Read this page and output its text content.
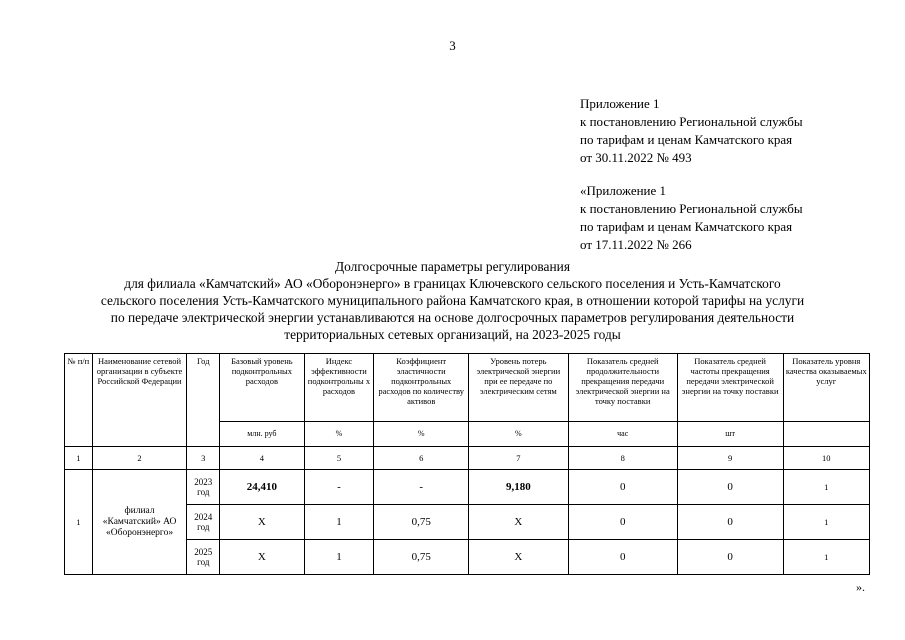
3
Приложение 1
к постановлению Региональной службы
по тарифам и ценам Камчатского края
от 30.11.2022 № 493
«Приложение 1
к постановлению Региональной службы
по тарифам и ценам Камчатского края
от 17.11.2022 № 266
Долгосрочные параметры регулирования
для филиала «Камчатский» АО «Оборонэнерго» в границах Ключевского сельского поселения и Усть-Камчатского
сельского поселения Усть-Камчатского муниципального района Камчатского края, в отношении которой тарифы на услуги
по передаче электрической энергии устанавливаются на основе долгосрочных параметров регулирования деятельности
территориальных сетевых организаций, на 2023-2025 годы
№ п/п	Наименование сетевой организации в субъекте Российской Федерации	Год	Базовый уровень подконтрольных расходов	Индекс эффективности подконтрольны х расходов	Коэффициент эластичности подконтрольных расходов по количеству активов	Уровень потерь электрической энергии при ее передаче по электрическим сетям	Показатель средней продолжительности прекращения передачи электрической энергии на точку поставки	Показатель средней частоты прекращения передачи электрической энергии на точку поставки	Показатель уровня качества оказываемых услуг
			млн. руб	%	%	%	час	шт	
1	2	3	4	5	6	7	8	9	10
1	филиал «Камчатский» АО «Оборонэнерго»	2023 год	24,410	-	-	9,180	0	0	1
		2024 год	Х	1	0,75	Х	0	0	1
		2025 год	Х	1	0,75	Х	0	0	1
».
